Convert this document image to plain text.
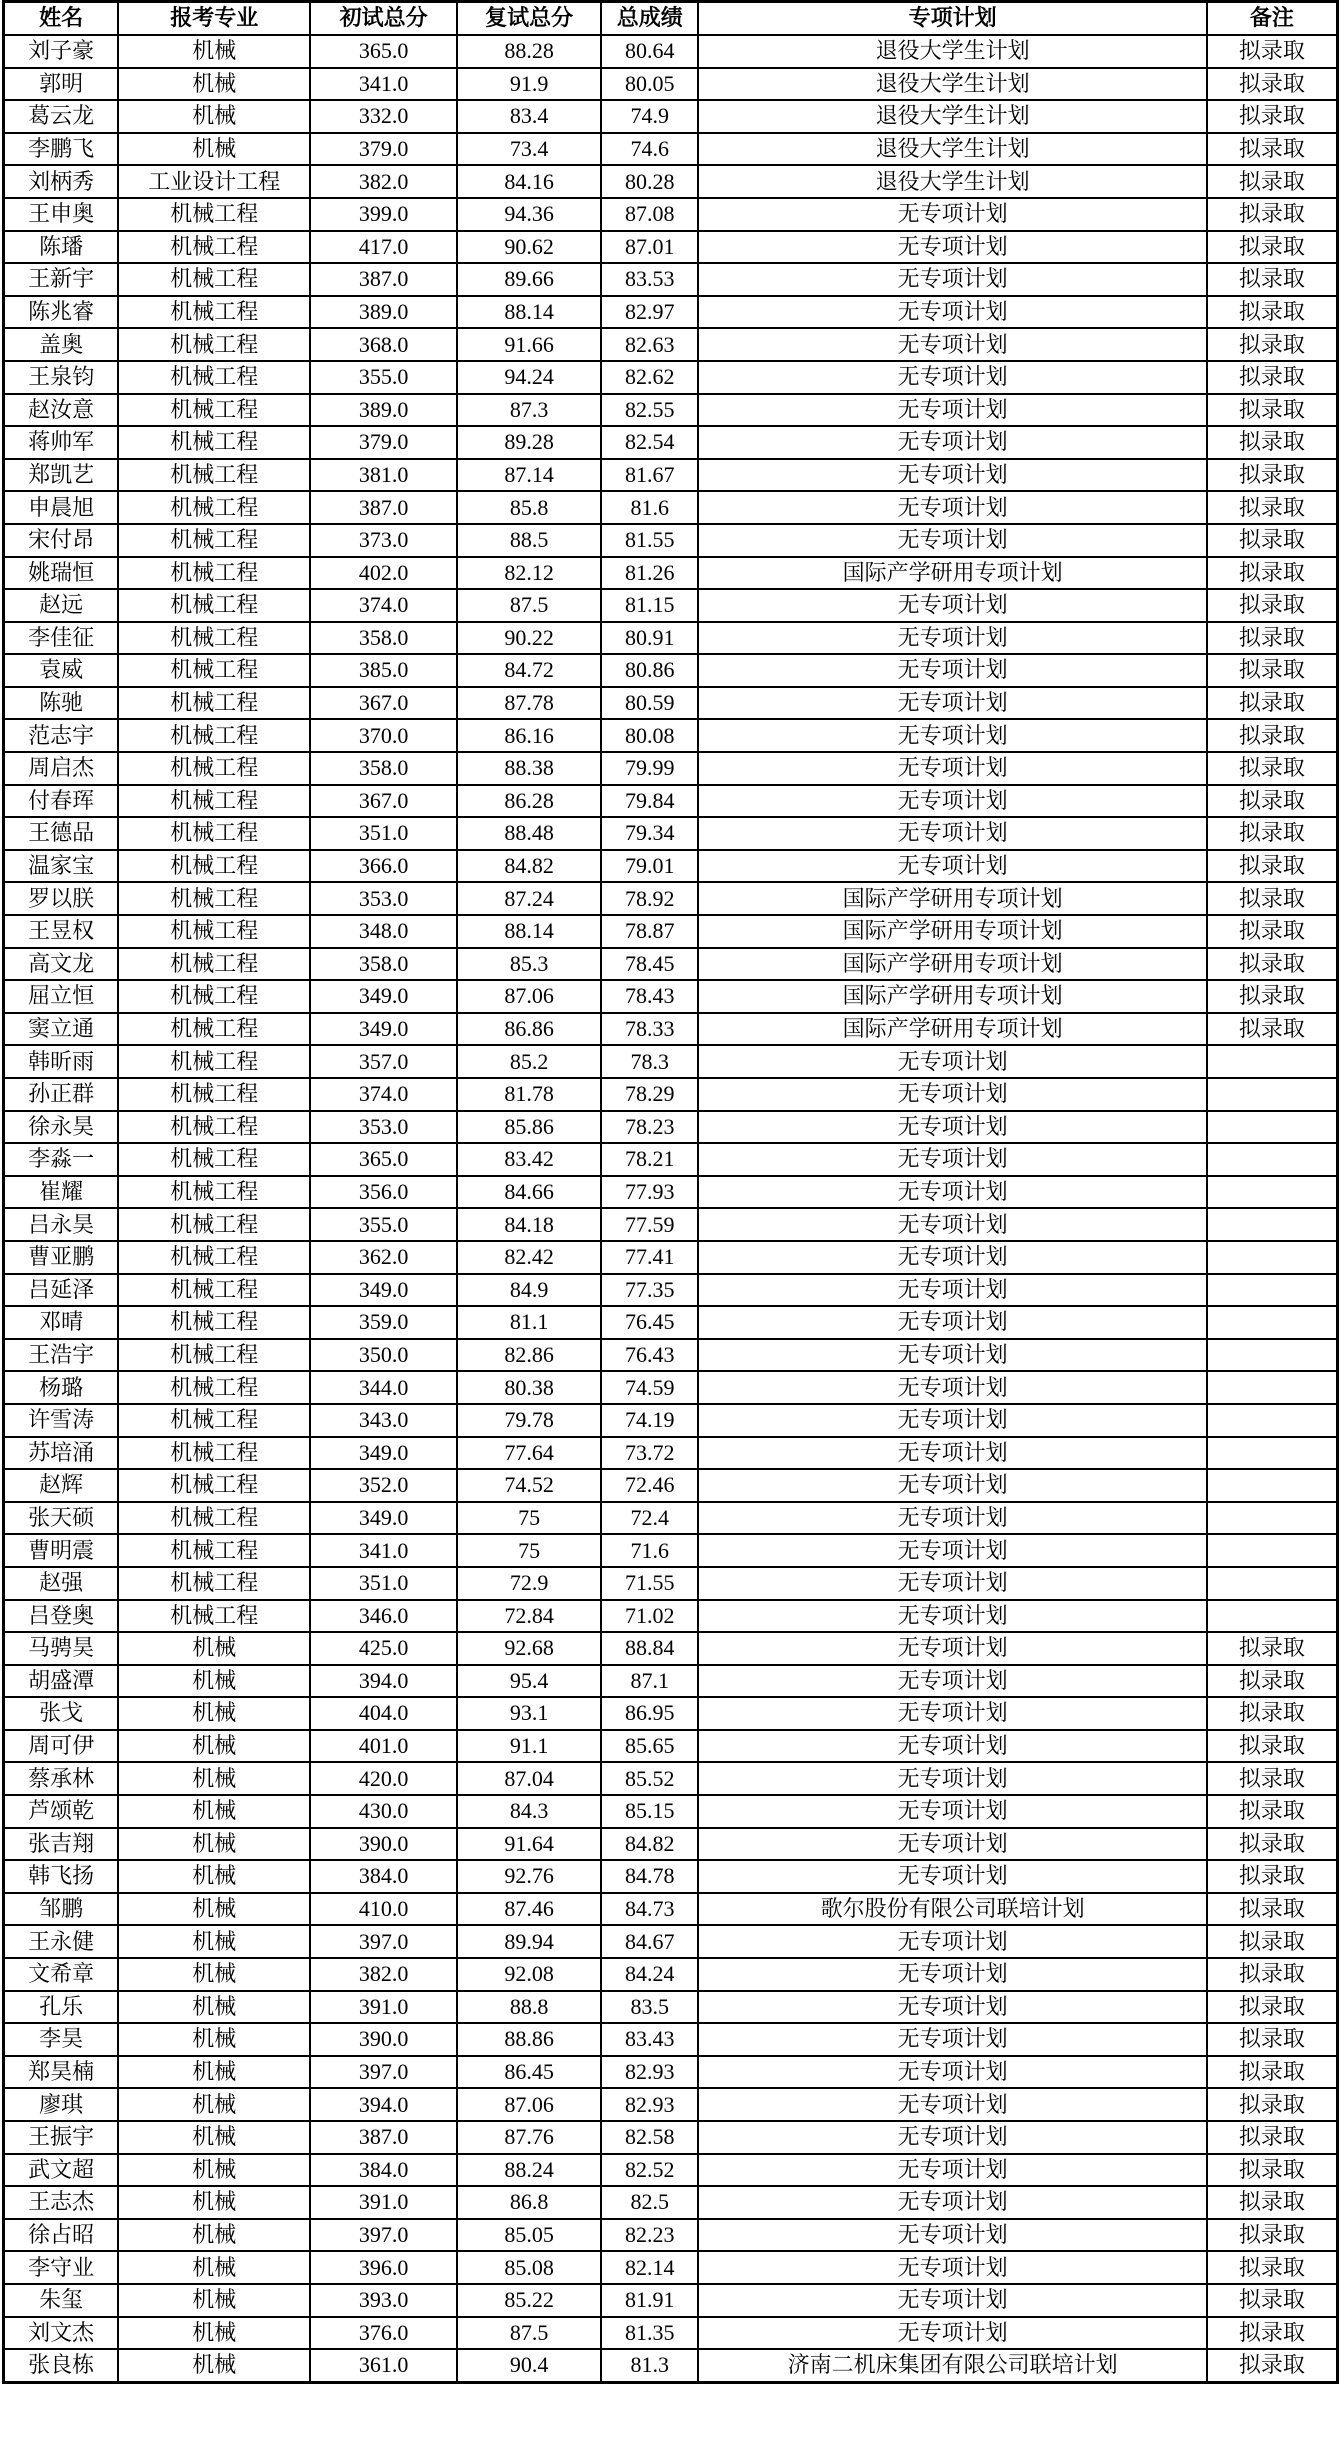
姓名	报考专业	初试总分	复试总分	总成绩	专项计划	备注
刘子豪	机械	365.0	88.28	80.64	退役大学生计划	拟录取
郭明	机械	341.0	91.9	80.05	退役大学生计划	拟录取
葛云龙	机械	332.0	83.4	74.9	退役大学生计划	拟录取
李鹏飞	机械	379.0	73.4	74.6	退役大学生计划	拟录取
刘柄秀	工业设计工程	382.0	84.16	80.28	退役大学生计划	拟录取
王申奥	机械工程	399.0	94.36	87.08	无专项计划	拟录取
陈璠	机械工程	417.0	90.62	87.01	无专项计划	拟录取
王新宇	机械工程	387.0	89.66	83.53	无专项计划	拟录取
陈兆睿	机械工程	389.0	88.14	82.97	无专项计划	拟录取
盖奥	机械工程	368.0	91.66	82.63	无专项计划	拟录取
王泉钧	机械工程	355.0	94.24	82.62	无专项计划	拟录取
赵汝意	机械工程	389.0	87.3	82.55	无专项计划	拟录取
蒋帅军	机械工程	379.0	89.28	82.54	无专项计划	拟录取
郑凯艺	机械工程	381.0	87.14	81.67	无专项计划	拟录取
申晨旭	机械工程	387.0	85.8	81.6	无专项计划	拟录取
宋付昂	机械工程	373.0	88.5	81.55	无专项计划	拟录取
姚瑞恒	机械工程	402.0	82.12	81.26	国际产学研用专项计划	拟录取
赵远	机械工程	374.0	87.5	81.15	无专项计划	拟录取
李佳征	机械工程	358.0	90.22	80.91	无专项计划	拟录取
袁威	机械工程	385.0	84.72	80.86	无专项计划	拟录取
陈驰	机械工程	367.0	87.78	80.59	无专项计划	拟录取
范志宇	机械工程	370.0	86.16	80.08	无专项计划	拟录取
周启杰	机械工程	358.0	88.38	79.99	无专项计划	拟录取
付春珲	机械工程	367.0	86.28	79.84	无专项计划	拟录取
王德品	机械工程	351.0	88.48	79.34	无专项计划	拟录取
温家宝	机械工程	366.0	84.82	79.01	无专项计划	拟录取
罗以朕	机械工程	353.0	87.24	78.92	国际产学研用专项计划	拟录取
王昱权	机械工程	348.0	88.14	78.87	国际产学研用专项计划	拟录取
高文龙	机械工程	358.0	85.3	78.45	国际产学研用专项计划	拟录取
屈立恒	机械工程	349.0	87.06	78.43	国际产学研用专项计划	拟录取
窦立通	机械工程	349.0	86.86	78.33	国际产学研用专项计划	拟录取
韩昕雨	机械工程	357.0	85.2	78.3	无专项计划	
孙正群	机械工程	374.0	81.78	78.29	无专项计划	
徐永昊	机械工程	353.0	85.86	78.23	无专项计划	
李淼一	机械工程	365.0	83.42	78.21	无专项计划	
崔耀	机械工程	356.0	84.66	77.93	无专项计划	
吕永昊	机械工程	355.0	84.18	77.59	无专项计划	
曹亚鹏	机械工程	362.0	82.42	77.41	无专项计划	
吕延泽	机械工程	349.0	84.9	77.35	无专项计划	
邓晴	机械工程	359.0	81.1	76.45	无专项计划	
王浩宇	机械工程	350.0	82.86	76.43	无专项计划	
杨璐	机械工程	344.0	80.38	74.59	无专项计划	
许雪涛	机械工程	343.0	79.78	74.19	无专项计划	
苏培涌	机械工程	349.0	77.64	73.72	无专项计划	
赵辉	机械工程	352.0	74.52	72.46	无专项计划	
张天硕	机械工程	349.0	75	72.4	无专项计划	
曹明震	机械工程	341.0	75	71.6	无专项计划	
赵强	机械工程	351.0	72.9	71.55	无专项计划	
吕登奥	机械工程	346.0	72.84	71.02	无专项计划	
马骋昊	机械	425.0	92.68	88.84	无专项计划	拟录取
胡盛潭	机械	394.0	95.4	87.1	无专项计划	拟录取
张戈	机械	404.0	93.1	86.95	无专项计划	拟录取
周可伊	机械	401.0	91.1	85.65	无专项计划	拟录取
蔡承林	机械	420.0	87.04	85.52	无专项计划	拟录取
芦颂乾	机械	430.0	84.3	85.15	无专项计划	拟录取
张吉翔	机械	390.0	91.64	84.82	无专项计划	拟录取
韩飞扬	机械	384.0	92.76	84.78	无专项计划	拟录取
邹鹏	机械	410.0	87.46	84.73	歌尔股份有限公司联培计划	拟录取
王永健	机械	397.0	89.94	84.67	无专项计划	拟录取
文希章	机械	382.0	92.08	84.24	无专项计划	拟录取
孔乐	机械	391.0	88.8	83.5	无专项计划	拟录取
李昊	机械	390.0	88.86	83.43	无专项计划	拟录取
郑昊楠	机械	397.0	86.45	82.93	无专项计划	拟录取
廖琪	机械	394.0	87.06	82.93	无专项计划	拟录取
王振宇	机械	387.0	87.76	82.58	无专项计划	拟录取
武文超	机械	384.0	88.24	82.52	无专项计划	拟录取
王志杰	机械	391.0	86.8	82.5	无专项计划	拟录取
徐占昭	机械	397.0	85.05	82.23	无专项计划	拟录取
李守业	机械	396.0	85.08	82.14	无专项计划	拟录取
朱玺	机械	393.0	85.22	81.91	无专项计划	拟录取
刘文杰	机械	376.0	87.5	81.35	无专项计划	拟录取
张良栋	机械	361.0	90.4	81.3	济南二机床集团有限公司联培计划	拟录取
